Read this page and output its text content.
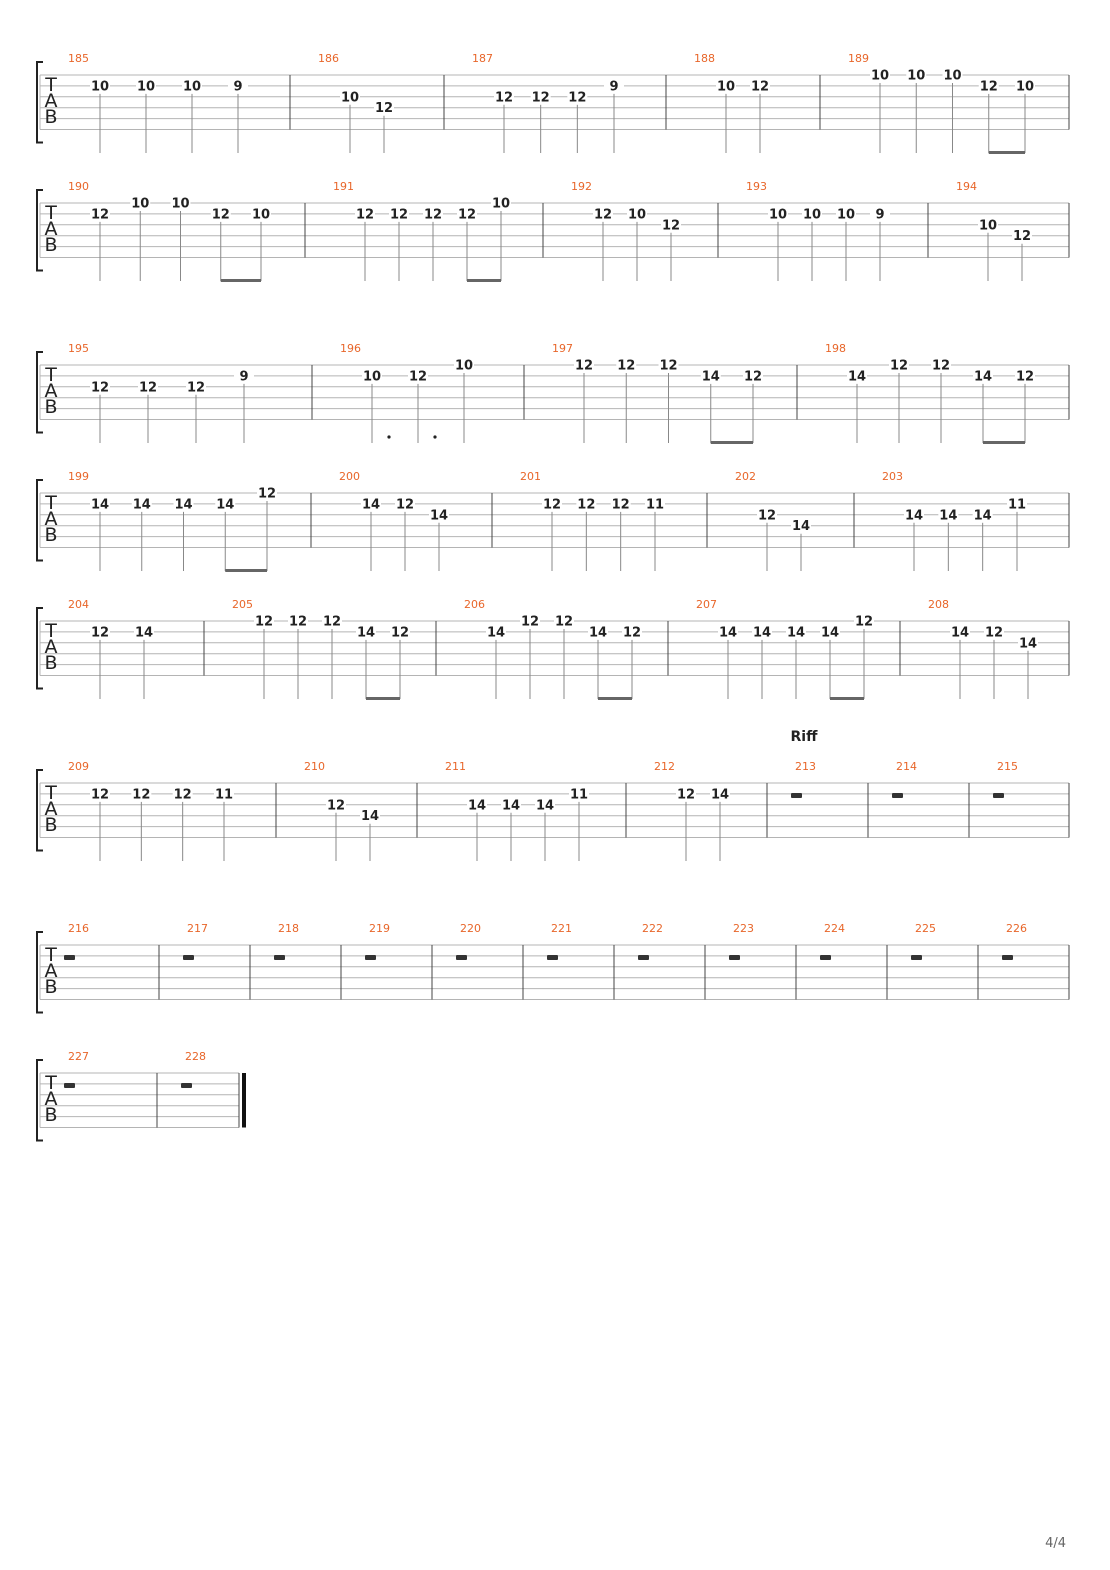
T
A
B
185
10 10 10 9
186
10
12
187
12 12 12
9
188
10 12
189
10 10 10
12 10
T
A
B
190
12
10 10
12 10
191
12 12 12 12
10
192
12 10
12
193
10 10 10 9
194
10
12
T
A
B
195
12 12 12
9
196
10 12
10
197
12 12 12
14 12
198
14
12 12
14 12
T
A
B
199
14 14 14 14
12
200
14 12
14
201
12 12 12 11
202
12
14
203
14 14 14
11
T
A
B
204
12 14
205
12 12 12
14 12
206
14
12 12
14 12
207
14 14 14 14
12
208
14 12
14
T
A
B
209
12 12 12 11
210
12
14
211
14 14 14
11
212
12 14
213
Riff
214	215
T
A
B
216	217	218	219	220	221	222	223	224	225	226
T
A
B
227	228
4/4
